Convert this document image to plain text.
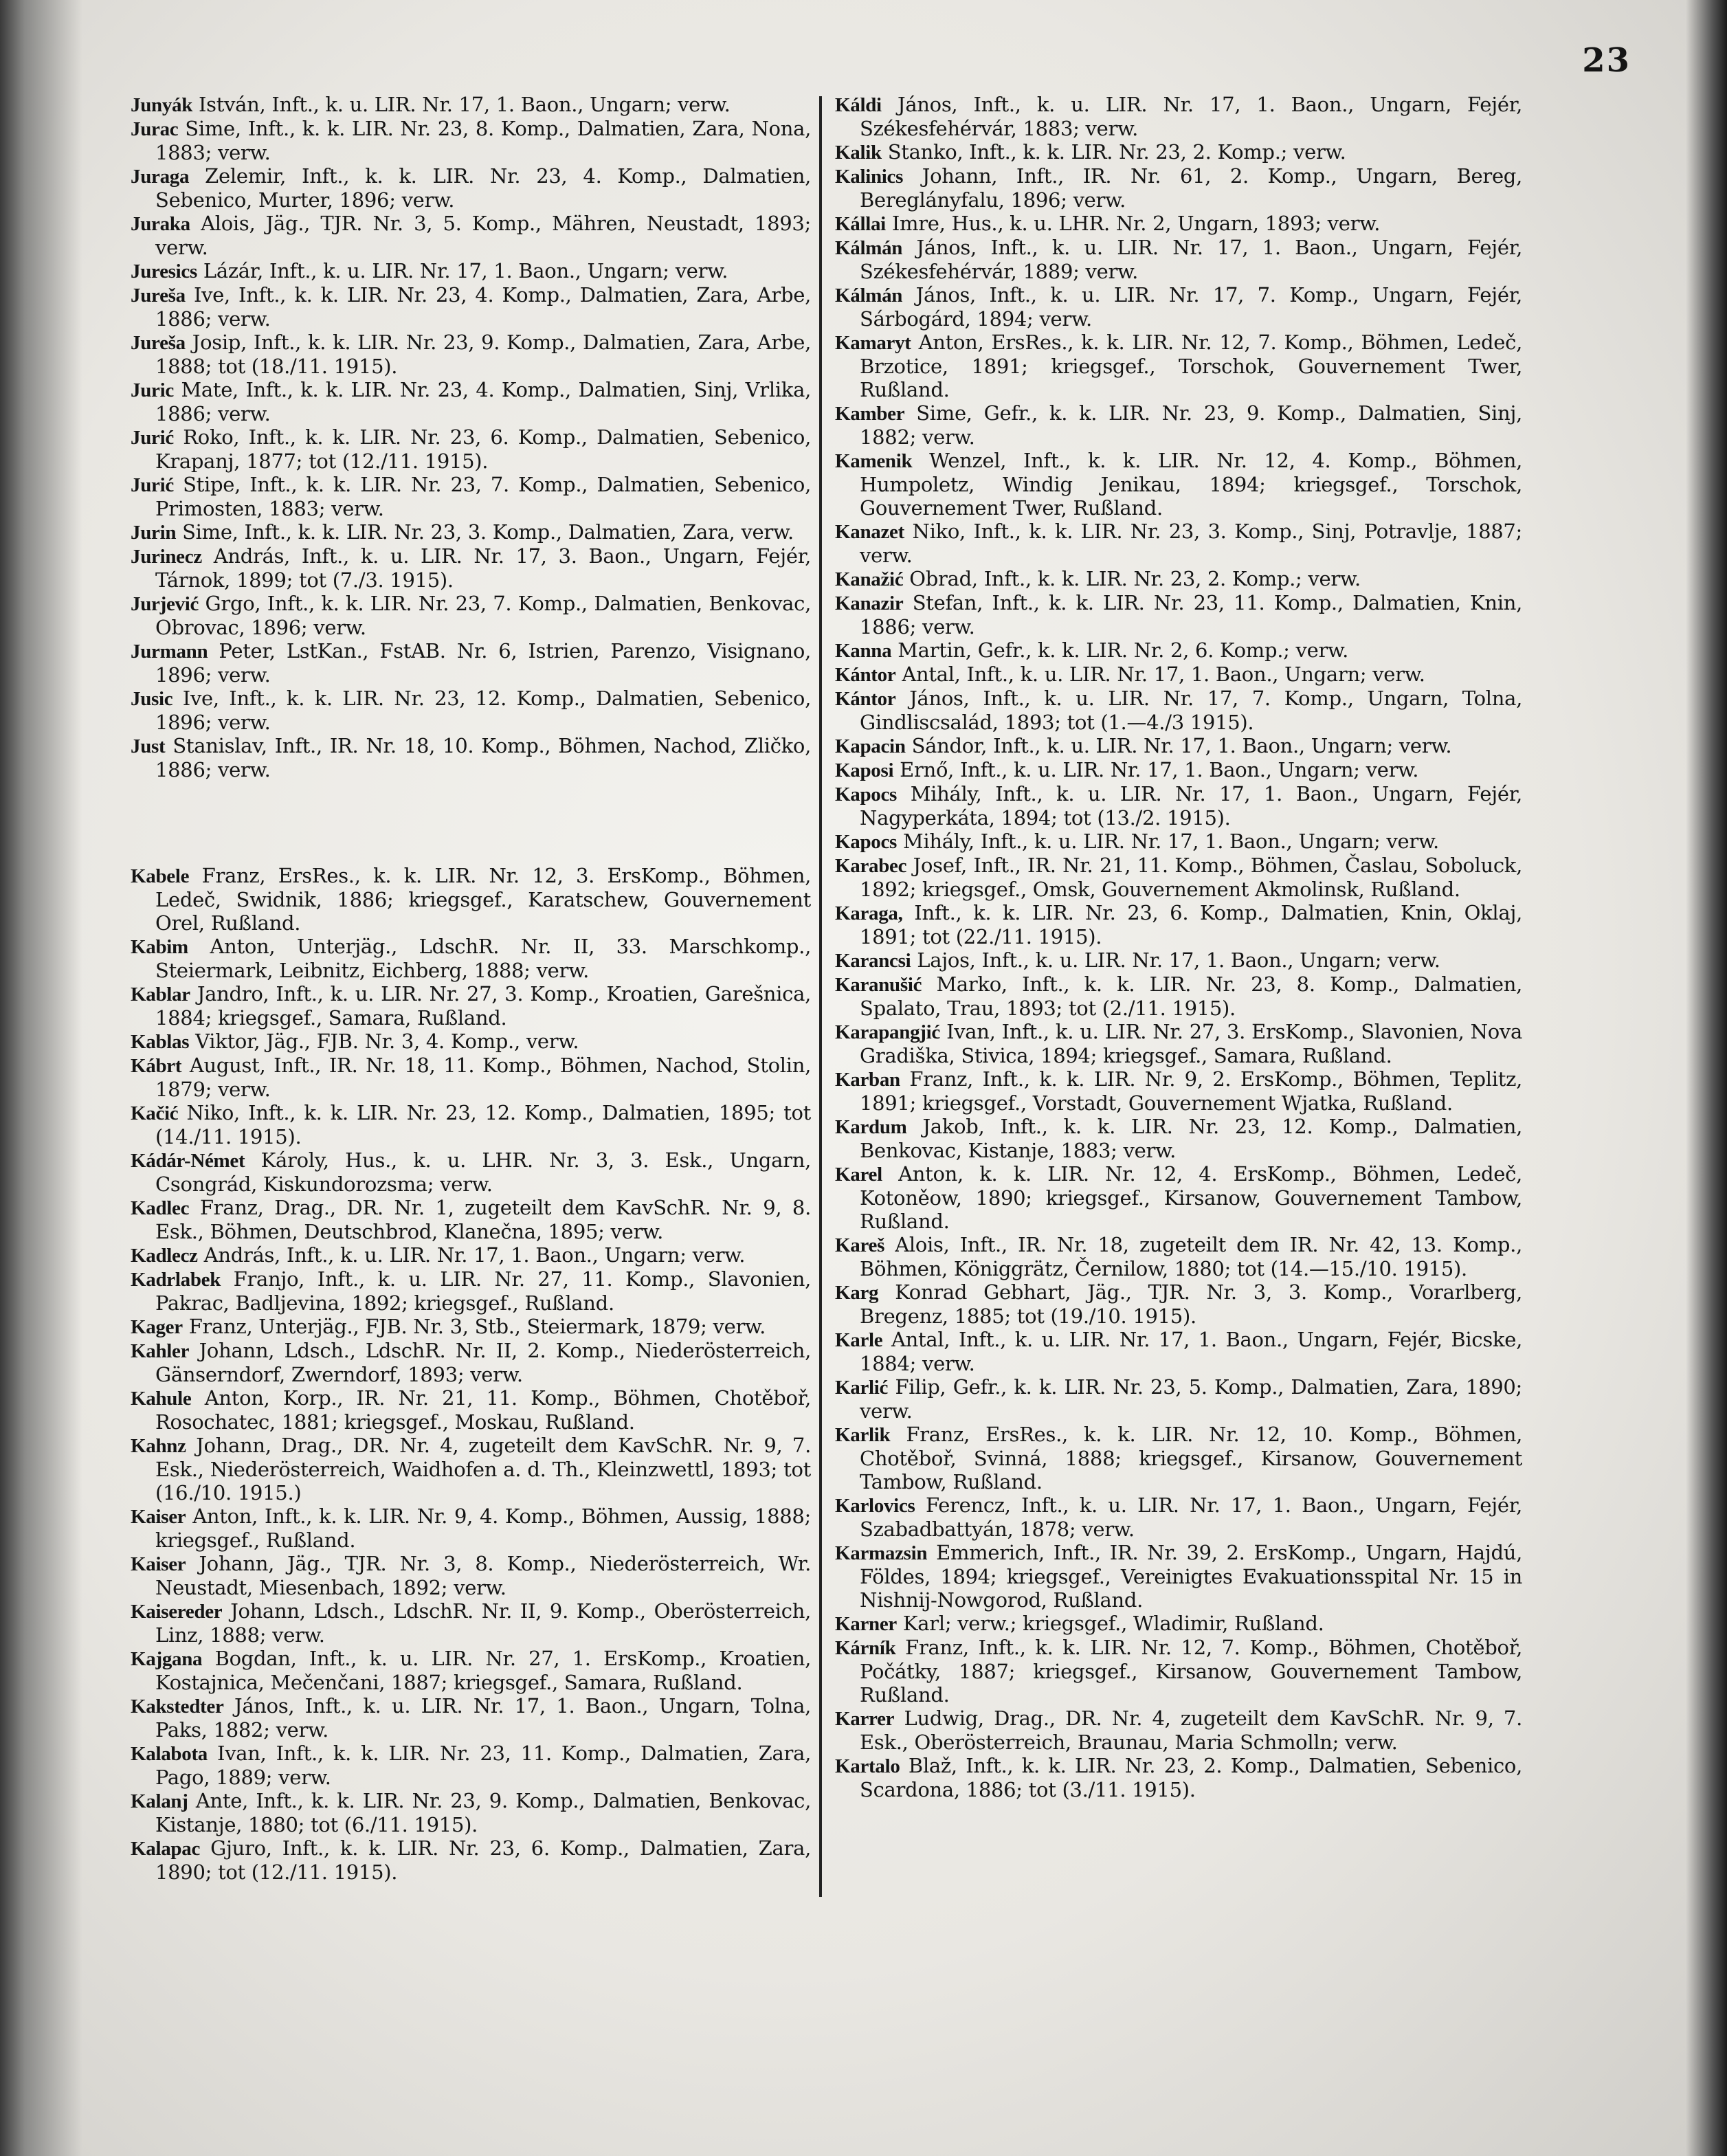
23
Junyák István, Inft., k. u. LIR. Nr. 17, 1. Baon., Ungarn; verw.
Jurac Sime, Inft., k. k. LIR. Nr. 23, 8. Komp., Dalmatien, Zara, Nona, 1883; verw.
Juraga Zelemir, Inft., k. k. LIR. Nr. 23, 4. Komp., Dalmatien, Sebenico, Murter, 1896; verw.
Juraka Alois, Jäg., TJR. Nr. 3, 5. Komp., Mähren, Neustadt, 1893; verw.
Juresics Lázár, Inft., k. u. LIR. Nr. 17, 1. Baon., Ungarn; verw.
Jureša Ive, Inft., k. k. LIR. Nr. 23, 4. Komp., Dalmatien, Zara, Arbe, 1886; verw.
Jureša Josip, Inft., k. k. LIR. Nr. 23, 9. Komp., Dalmatien, Zara, Arbe, 1888; tot (18./11. 1915).
Juric Mate, Inft., k. k. LIR. Nr. 23, 4. Komp., Dalmatien, Sinj, Vrlika, 1886; verw.
Jurić Roko, Inft., k. k. LIR. Nr. 23, 6. Komp., Dalmatien, Sebenico, Krapanj, 1877; tot (12./11. 1915).
Jurić Stipe, Inft., k. k. LIR. Nr. 23, 7. Komp., Dalmatien, Sebenico, Primosten, 1883; verw.
Jurin Sime, Inft., k. k. LIR. Nr. 23, 3. Komp., Dalmatien, Zara, verw.
Jurinecz András, Inft., k. u. LIR. Nr. 17, 3. Baon., Ungarn, Fejér, Tárnok, 1899; tot (7./3. 1915).
Jurjević Grgo, Inft., k. k. LIR. Nr. 23, 7. Komp., Dalmatien, Benkovac, Obrovac, 1896; verw.
Jurmann Peter, LstKan., FstAB. Nr. 6, Istrien, Parenzo, Visignano, 1896; verw.
Jusic Ive, Inft., k. k. LIR. Nr. 23, 12. Komp., Dalmatien, Sebenico, 1896; verw.
Just Stanislav, Inft., IR. Nr. 18, 10. Komp., Böhmen, Nachod, Zličko, 1886; verw.
Kabele Franz, ErsRes., k. k. LIR. Nr. 12, 3. ErsKomp., Böhmen, Ledeč, Swidnik, 1886; kriegsgef., Karatschew, Gouvernement Orel, Rußland.
Kabim Anton, Unterjäg., LdschR. Nr. II, 33. Marschkomp., Steiermark, Leibnitz, Eichberg, 1888; verw.
Kablar Jandro, Inft., k. u. LIR. Nr. 27, 3. Komp., Kroatien, Garešnica, 1884; kriegsgef., Samara, Rußland.
Kablas Viktor, Jäg., FJB. Nr. 3, 4. Komp., verw.
Kábrt August, Inft., IR. Nr. 18, 11. Komp., Böhmen, Nachod, Stolin, 1879; verw.
Kačić Niko, Inft., k. k. LIR. Nr. 23, 12. Komp., Dalmatien, 1895; tot (14./11. 1915).
Kádár-Német Károly, Hus., k. u. LHR. Nr. 3, 3. Esk., Ungarn, Csongrád, Kiskundorozsma; verw.
Kadlec Franz, Drag., DR. Nr. 1, zugeteilt dem KavSchR. Nr. 9, 8. Esk., Böhmen, Deutschbrod, Klanečna, 1895; verw.
Kadlecz András, Inft., k. u. LIR. Nr. 17, 1. Baon., Ungarn; verw.
Kadrlabek Franjo, Inft., k. u. LIR. Nr. 27, 11. Komp., Slavonien, Pakrac, Badljevina, 1892; kriegsgef., Rußland.
Kager Franz, Unterjäg., FJB. Nr. 3, Stb., Steiermark, 1879; verw.
Kahler Johann, Ldsch., LdschR. Nr. II, 2. Komp., Niederösterreich, Gänserndorf, Zwerndorf, 1893; verw.
Kahule Anton, Korp., IR. Nr. 21, 11. Komp., Böhmen, Chotěboř, Rosochatec, 1881; kriegsgef., Moskau, Rußland.
Kahnz Johann, Drag., DR. Nr. 4, zugeteilt dem KavSchR. Nr. 9, 7. Esk., Niederösterreich, Waidhofen a. d. Th., Kleinzwettl, 1893; tot (16./10. 1915.)
Kaiser Anton, Inft., k. k. LIR. Nr. 9, 4. Komp., Böhmen, Aussig, 1888; kriegsgef., Rußland.
Kaiser Johann, Jäg., TJR. Nr. 3, 8. Komp., Niederösterreich, Wr. Neustadt, Miesenbach, 1892; verw.
Kaisereder Johann, Ldsch., LdschR. Nr. II, 9. Komp., Oberösterreich, Linz, 1888; verw.
Kajgana Bogdan, Inft., k. u. LIR. Nr. 27, 1. ErsKomp., Kroatien, Kostajnica, Mečenčani, 1887; kriegsgef., Samara, Rußland.
Kakstedter János, Inft., k. u. LIR. Nr. 17, 1. Baon., Ungarn, Tolna, Paks, 1882; verw.
Kalabota Ivan, Inft., k. k. LIR. Nr. 23, 11. Komp., Dalmatien, Zara, Pago, 1889; verw.
Kalanj Ante, Inft., k. k. LIR. Nr. 23, 9. Komp., Dalmatien, Benkovac, Kistanje, 1880; tot (6./11. 1915).
Kalapac Gjuro, Inft., k. k. LIR. Nr. 23, 6. Komp., Dalmatien, Zara, 1890; tot (12./11. 1915).
Káldi János, Inft., k. u. LIR. Nr. 17, 1. Baon., Ungarn, Fejér, Székesfehérvár, 1883; verw.
Kalik Stanko, Inft., k. k. LIR. Nr. 23, 2. Komp.; verw.
Kalinics Johann, Inft., IR. Nr. 61, 2. Komp., Ungarn, Bereg, Bereglányfalu, 1896; verw.
Kállai Imre, Hus., k. u. LHR. Nr. 2, Ungarn, 1893; verw.
Kálmán János, Inft., k. u. LIR. Nr. 17, 1. Baon., Ungarn, Fejér, Székesfehérvár, 1889; verw.
Kálmán János, Inft., k. u. LIR. Nr. 17, 7. Komp., Ungarn, Fejér, Sárbogárd, 1894; verw.
Kamaryt Anton, ErsRes., k. k. LIR. Nr. 12, 7. Komp., Böhmen, Ledeč, Brzotice, 1891; kriegsgef., Torschok, Gouvernement Twer, Rußland.
Kamber Sime, Gefr., k. k. LIR. Nr. 23, 9. Komp., Dalmatien, Sinj, 1882; verw.
Kamenik Wenzel, Inft., k. k. LIR. Nr. 12, 4. Komp., Böhmen, Humpoletz, Windig Jenikau, 1894; kriegsgef., Torschok, Gouvernement Twer, Rußland.
Kanazet Niko, Inft., k. k. LIR. Nr. 23, 3. Komp., Sinj, Potravlje, 1887; verw.
Kanažić Obrad, Inft., k. k. LIR. Nr. 23, 2. Komp.; verw.
Kanazir Stefan, Inft., k. k. LIR. Nr. 23, 11. Komp., Dalmatien, Knin, 1886; verw.
Kanna Martin, Gefr., k. k. LIR. Nr. 2, 6. Komp.; verw.
Kántor Antal, Inft., k. u. LIR. Nr. 17, 1. Baon., Ungarn; verw.
Kántor János, Inft., k. u. LIR. Nr. 17, 7. Komp., Ungarn, Tolna, Gindliscsalád, 1893; tot (1.—4./3 1915).
Kapacin Sándor, Inft., k. u. LIR. Nr. 17, 1. Baon., Ungarn; verw.
Kaposi Ernő, Inft., k. u. LIR. Nr. 17, 1. Baon., Ungarn; verw.
Kapocs Mihály, Inft., k. u. LIR. Nr. 17, 1. Baon., Ungarn, Fejér, Nagyperkáta, 1894; tot (13./2. 1915).
Kapocs Mihály, Inft., k. u. LIR. Nr. 17, 1. Baon., Ungarn; verw.
Karabec Josef, Inft., IR. Nr. 21, 11. Komp., Böhmen, Časlau, Soboluck, 1892; kriegsgef., Omsk, Gouvernement Akmolinsk, Rußland.
Karaga, Inft., k. k. LIR. Nr. 23, 6. Komp., Dalmatien, Knin, Oklaj, 1891; tot (22./11. 1915).
Karancsi Lajos, Inft., k. u. LIR. Nr. 17, 1. Baon., Ungarn; verw.
Karanušić Marko, Inft., k. k. LIR. Nr. 23, 8. Komp., Dalmatien, Spalato, Trau, 1893; tot (2./11. 1915).
Karapangjić Ivan, Inft., k. u. LIR. Nr. 27, 3. ErsKomp., Slavonien, Nova Gradiška, Stivica, 1894; kriegsgef., Samara, Rußland.
Karban Franz, Inft., k. k. LIR. Nr. 9, 2. ErsKomp., Böhmen, Teplitz, 1891; kriegsgef., Vorstadt, Gouvernement Wjatka, Rußland.
Kardum Jakob, Inft., k. k. LIR. Nr. 23, 12. Komp., Dalmatien, Benkovac, Kistanje, 1883; verw.
Karel Anton, k. k. LIR. Nr. 12, 4. ErsKomp., Böhmen, Ledeč, Kotoněow, 1890; kriegsgef., Kirsanow, Gouvernement Tambow, Rußland.
Kareš Alois, Inft., IR. Nr. 18, zugeteilt dem IR. Nr. 42, 13. Komp., Böhmen, Königgrätz, Černilow, 1880; tot (14.—15./10. 1915).
Karg Konrad Gebhart, Jäg., TJR. Nr. 3, 3. Komp., Vorarlberg, Bregenz, 1885; tot (19./10. 1915).
Karle Antal, Inft., k. u. LIR. Nr. 17, 1. Baon., Ungarn, Fejér, Bicske, 1884; verw.
Karlić Filip, Gefr., k. k. LIR. Nr. 23, 5. Komp., Dalmatien, Zara, 1890; verw.
Karlik Franz, ErsRes., k. k. LIR. Nr. 12, 10. Komp., Böhmen, Chotěboř, Svinná, 1888; kriegsgef., Kirsanow, Gouvernement Tambow, Rußland.
Karlovics Ferencz, Inft., k. u. LIR. Nr. 17, 1. Baon., Ungarn, Fejér, Szabadbattyán, 1878; verw.
Karmazsin Emmerich, Inft., IR. Nr. 39, 2. ErsKomp., Ungarn, Hajdú, Földes, 1894; kriegsgef., Vereinigtes Evakuationsspital Nr. 15 in Nishnij-Nowgorod, Rußland.
Karner Karl; verw.; kriegsgef., Wladimir, Rußland.
Kárník Franz, Inft., k. k. LIR. Nr. 12, 7. Komp., Böhmen, Chotěboř, Počátky, 1887; kriegsgef., Kirsanow, Gouvernement Tambow, Rußland.
Karrer Ludwig, Drag., DR. Nr. 4, zugeteilt dem KavSchR. Nr. 9, 7. Esk., Oberösterreich, Braunau, Maria Schmolln; verw.
Kartalo Blaž, Inft., k. k. LIR. Nr. 23, 2. Komp., Dalmatien, Sebenico, Scardona, 1886; tot (3./11. 1915).
